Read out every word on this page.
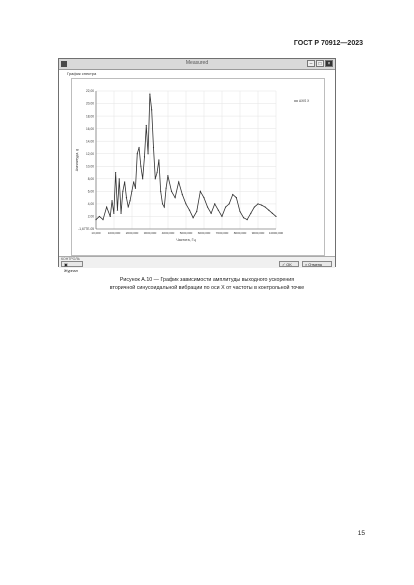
ГОСТ Р 70912—2023
Measured	–	□	×
График спектра
-1,677E-05
2,00
4,00
6,00
8,00
10,00
12,00
14,00
16,00
18,00
20,00
22,00
10,000 1000,000 2000,000 3000,000 4000,000 5000,000 6000,000 7000,000 8000,000 9000,000 10000,000
Частота, Гц
Амплитуда, g
AXIS X
КОНТРОЛЬ
▣ Журнал
✓ OK	× Отмена
Рисунок А.10 — График зависимости амплитуды выходного ускорения
вторичной синусоидальной вибрации по оси X от частоты в контрольной точке
15
